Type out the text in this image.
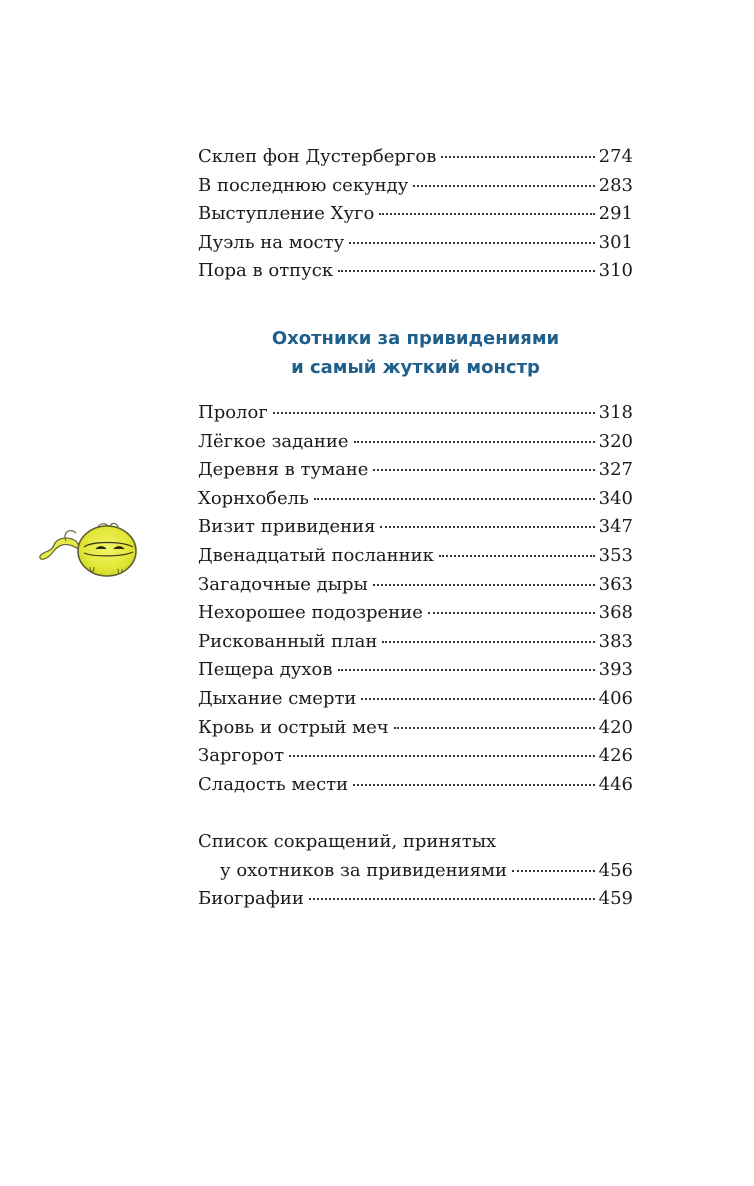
Склеп фон Дустербергов	274
В последнюю секунду	283
Выступление Хуго	291
Дуэль на мосту	301
Пора в отпуск	310
Охотники за привидениями
и самый жуткий монстр
Пролог	318
Лёгкое задание	320
Деревня в тумане	327
Хорнхобель	340
Визит привидения	347
Двенадцатый посланник	353
Загадочные дыры	363
Нехорошее подозрение	368
Рискованный план	383
Пещера духов	393
Дыхание смерти	406
Кровь и острый меч	420
Заргорот	426
Сладость мести	446
Список сокращений, принятых
у охотников за привидениями	456
Биографии	459
